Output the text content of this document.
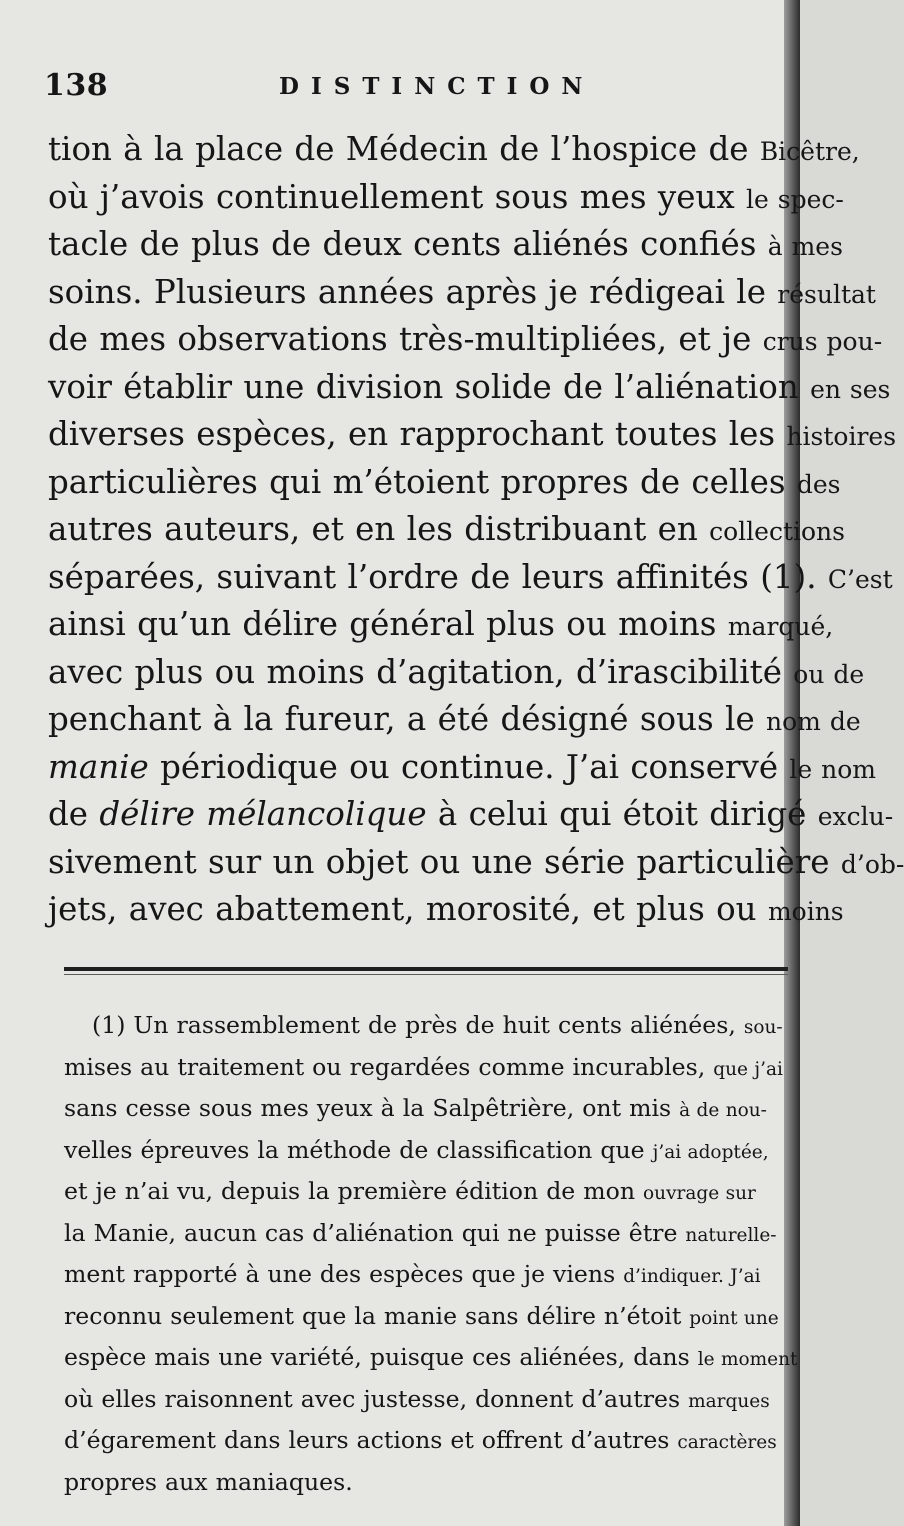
138	DISTINCTION
tion à la place de Médecin de l’hospice de Bicêtre,
où j’avois continuellement sous mes yeux le spec-
tacle de plus de deux cents aliénés confiés à mes
soins. Plusieurs années après je rédigeai le résultat
de mes observations très-multipliées, et je crus pou-
voir établir une division solide de l’aliénation en ses
diverses espèces, en rapprochant toutes les histoires
particulières qui m’étoient propres de celles des
autres auteurs, et en les distribuant en collections
séparées, suivant l’ordre de leurs affinités (1). C’est
ainsi qu’un délire général plus ou moins marqué,
avec plus ou moins d’agitation, d’irascibilité ou de
penchant à la fureur, a été désigné sous le nom de
manie périodique ou continue. J’ai conservé le nom
de délire mélancolique à celui qui étoit dirigé exclu-
sivement sur un objet ou une série particulière d’ob-
jets, avec abattement, morosité, et plus ou moins
(1) Un rassemblement de près de huit cents aliénées, sou-
mises au traitement ou regardées comme incurables, que j’ai
sans cesse sous mes yeux à la Salpêtrière, ont mis à de nou-
velles épreuves la méthode de classification que j’ai adoptée,
et je n’ai vu, depuis la première édition de mon ouvrage sur
la Manie, aucun cas d’aliénation qui ne puisse être naturelle-
ment rapporté à une des espèces que je viens d’indiquer. J’ai
reconnu seulement que la manie sans délire n’étoit point une
espèce mais une variété, puisque ces aliénées, dans le moment
où elles raisonnent avec justesse, donnent d’autres marques
d’égarement dans leurs actions et offrent d’autres caractères
propres aux maniaques.
